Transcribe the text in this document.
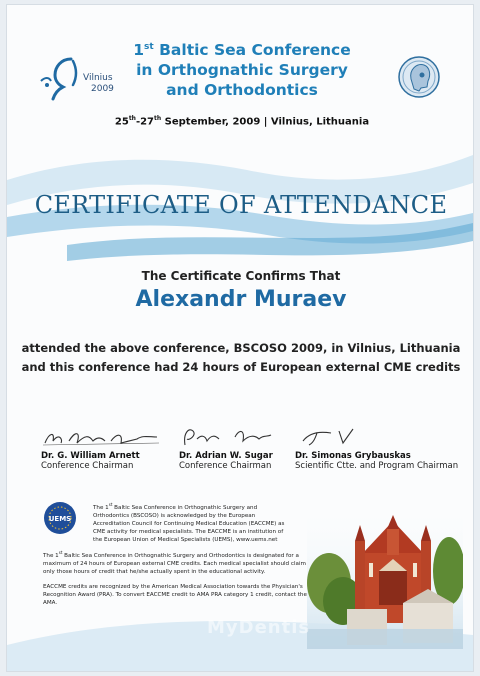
Vilnius
2009
1st Baltic Sea Conference
in Orthognathic Surgery
and Orthodontics
25th-27th September, 2009 | Vilnius, Lithuania
CERTIFICATE OF ATTENDANCE
The Certificate Confirms That
Alexandr Muraev
attended the above conference, BSCOSO 2009, in Vilnius, Lithuania
and this conference had 24 hours of European external CME credits
Dr. G. William Arnett
Conference Chairman
Dr. Adrian W. Sugar
Conference Chairman
Dr. Simonas Grybauskas
Scientific Ctte. and Program Chairman
UEMS
The 1st Baltic Sea Conference in Orthognathic Surgery and Orthodontics (BSCOSO) is acknowledged by the European Accreditation Council for Continuing Medical Education (EACCME) as CME activity for medical specialists. The EACCME is an institution of the European Union of Medical Specialists (UEMS), www.uems.net
The 1st Baltic Sea Conference in Orthognathic Surgery and Orthodontics is designated for a maximum of 24 hours of European external CME credits. Each medical specialist should claim only those hours of credit that he/she actually spent in the educational activity.
EACCME credits are recognized by the American Medical Association towards the Physician's Recognition Award (PRA). To convert EACCME credit to AMA PRA category 1 credit, contact the AMA.
MyDentis
